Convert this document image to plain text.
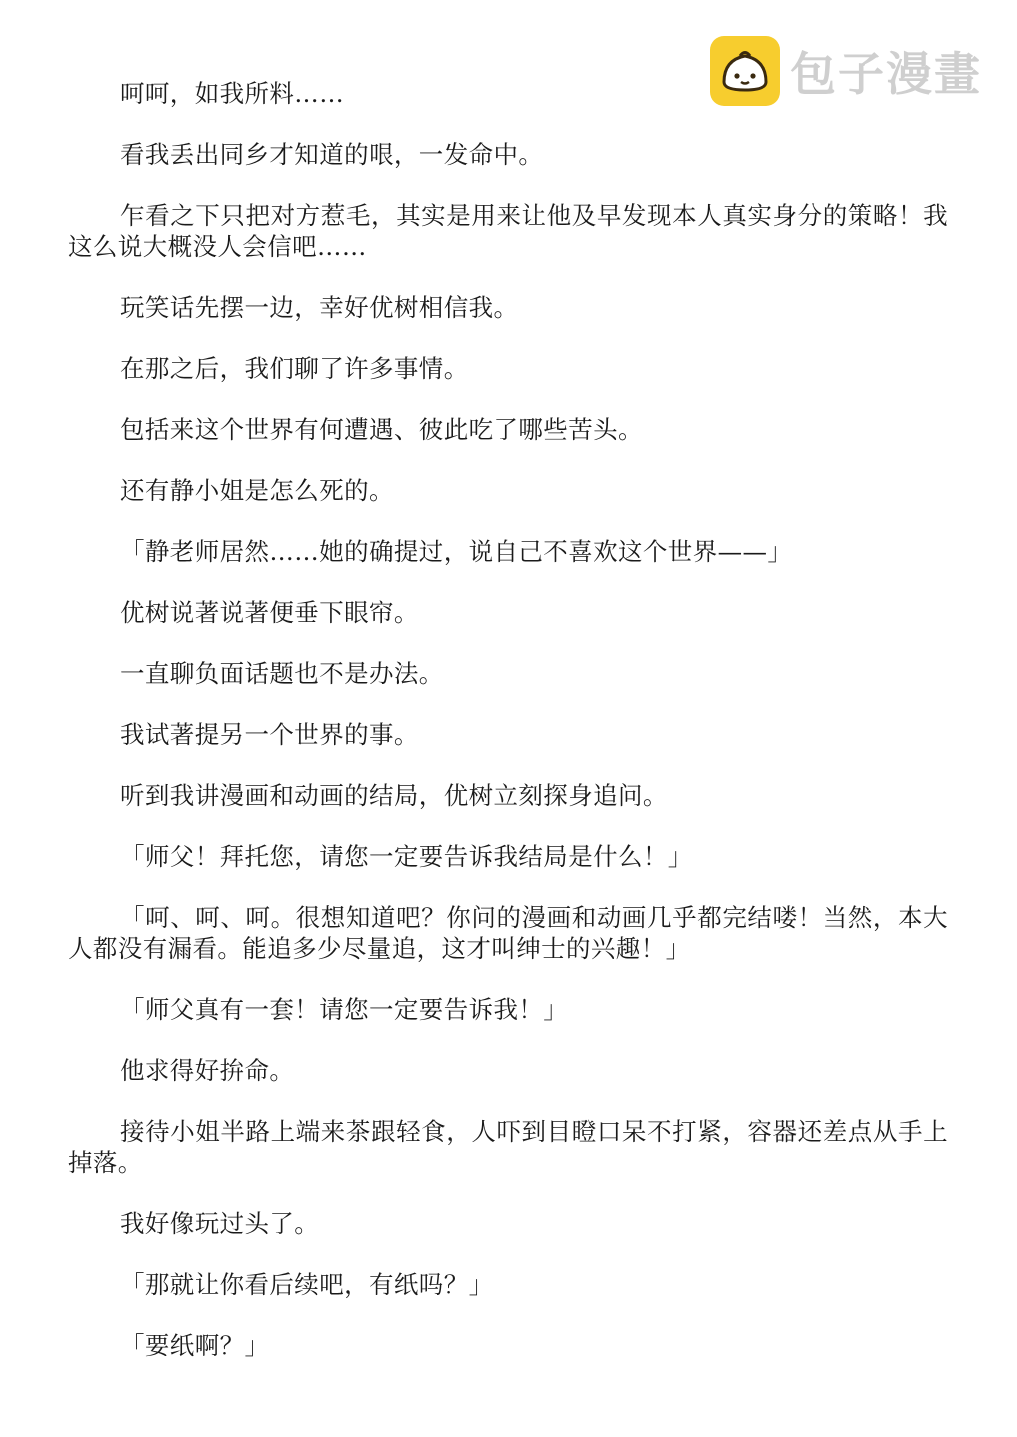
包子漫畫

呵呵，如我所料……

看我丢出同乡才知道的哏，一发命中。

乍看之下只把对方惹毛，其实是用来让他及早发现本人真实身分的策略！我这么说大概没人会信吧……

玩笑话先摆一边，幸好优树相信我。

在那之后，我们聊了许多事情。

包括来这个世界有何遭遇、彼此吃了哪些苦头。

还有静小姐是怎么死的。

「静老师居然……她的确提过，说自己不喜欢这个世界——」

优树说著说著便垂下眼帘。

一直聊负面话题也不是办法。

我试著提另一个世界的事。

听到我讲漫画和动画的结局，优树立刻探身追问。

「师父！拜托您，请您一定要告诉我结局是什么！」

「呵、呵、呵。很想知道吧？你问的漫画和动画几乎都完结喽！当然，本大人都没有漏看。能追多少尽量追，这才叫绅士的兴趣！」

「师父真有一套！请您一定要告诉我！」

他求得好拚命。

接待小姐半路上端来茶跟轻食，人吓到目瞪口呆不打紧，容器还差点从手上掉落。

我好像玩过头了。

「那就让你看后续吧，有纸吗？」

「要纸啊？」
